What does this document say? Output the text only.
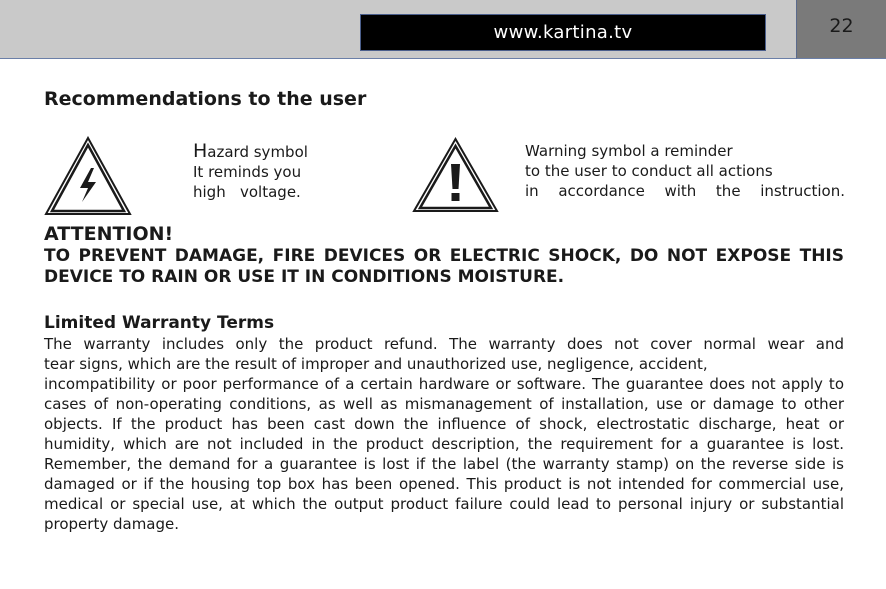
www.kartina.tv	22
Recommendations to the user
Hazard symbol
It reminds you
high   voltage.
Warning symbol a reminder
to the user to conduct all actions
in accordance with the instruction.
ATTENTION!
TO PREVENT DAMAGE, FIRE DEVICES OR ELECTRIC SHOCK, DO NOT EXPOSE THIS DEVICE TO RAIN OR USE IT IN CONDITIONS MOISTURE.
Limited Warranty Terms
The warranty includes only the product refund. The warranty does not cover normal wear and
tear signs, which are the result of improper and unauthorized use, negligence, accident,
incompatibility or poor performance of a certain hardware or software. The guarantee does not apply to cases of non-operating conditions, as well as mismanagement of installation, use or damage to other objects. If the product has been cast down the influence of shock, electrostatic discharge, heat or humidity, which are not included in the product description, the requirement for a guarantee is lost. Remember, the demand for a guarantee is lost if the label (the warranty stamp) on the reverse side is damaged or if the housing top box has been opened. This product is not intended for commercial use, medical or special use, at which the output product failure could lead to personal injury or substantial property damage.
